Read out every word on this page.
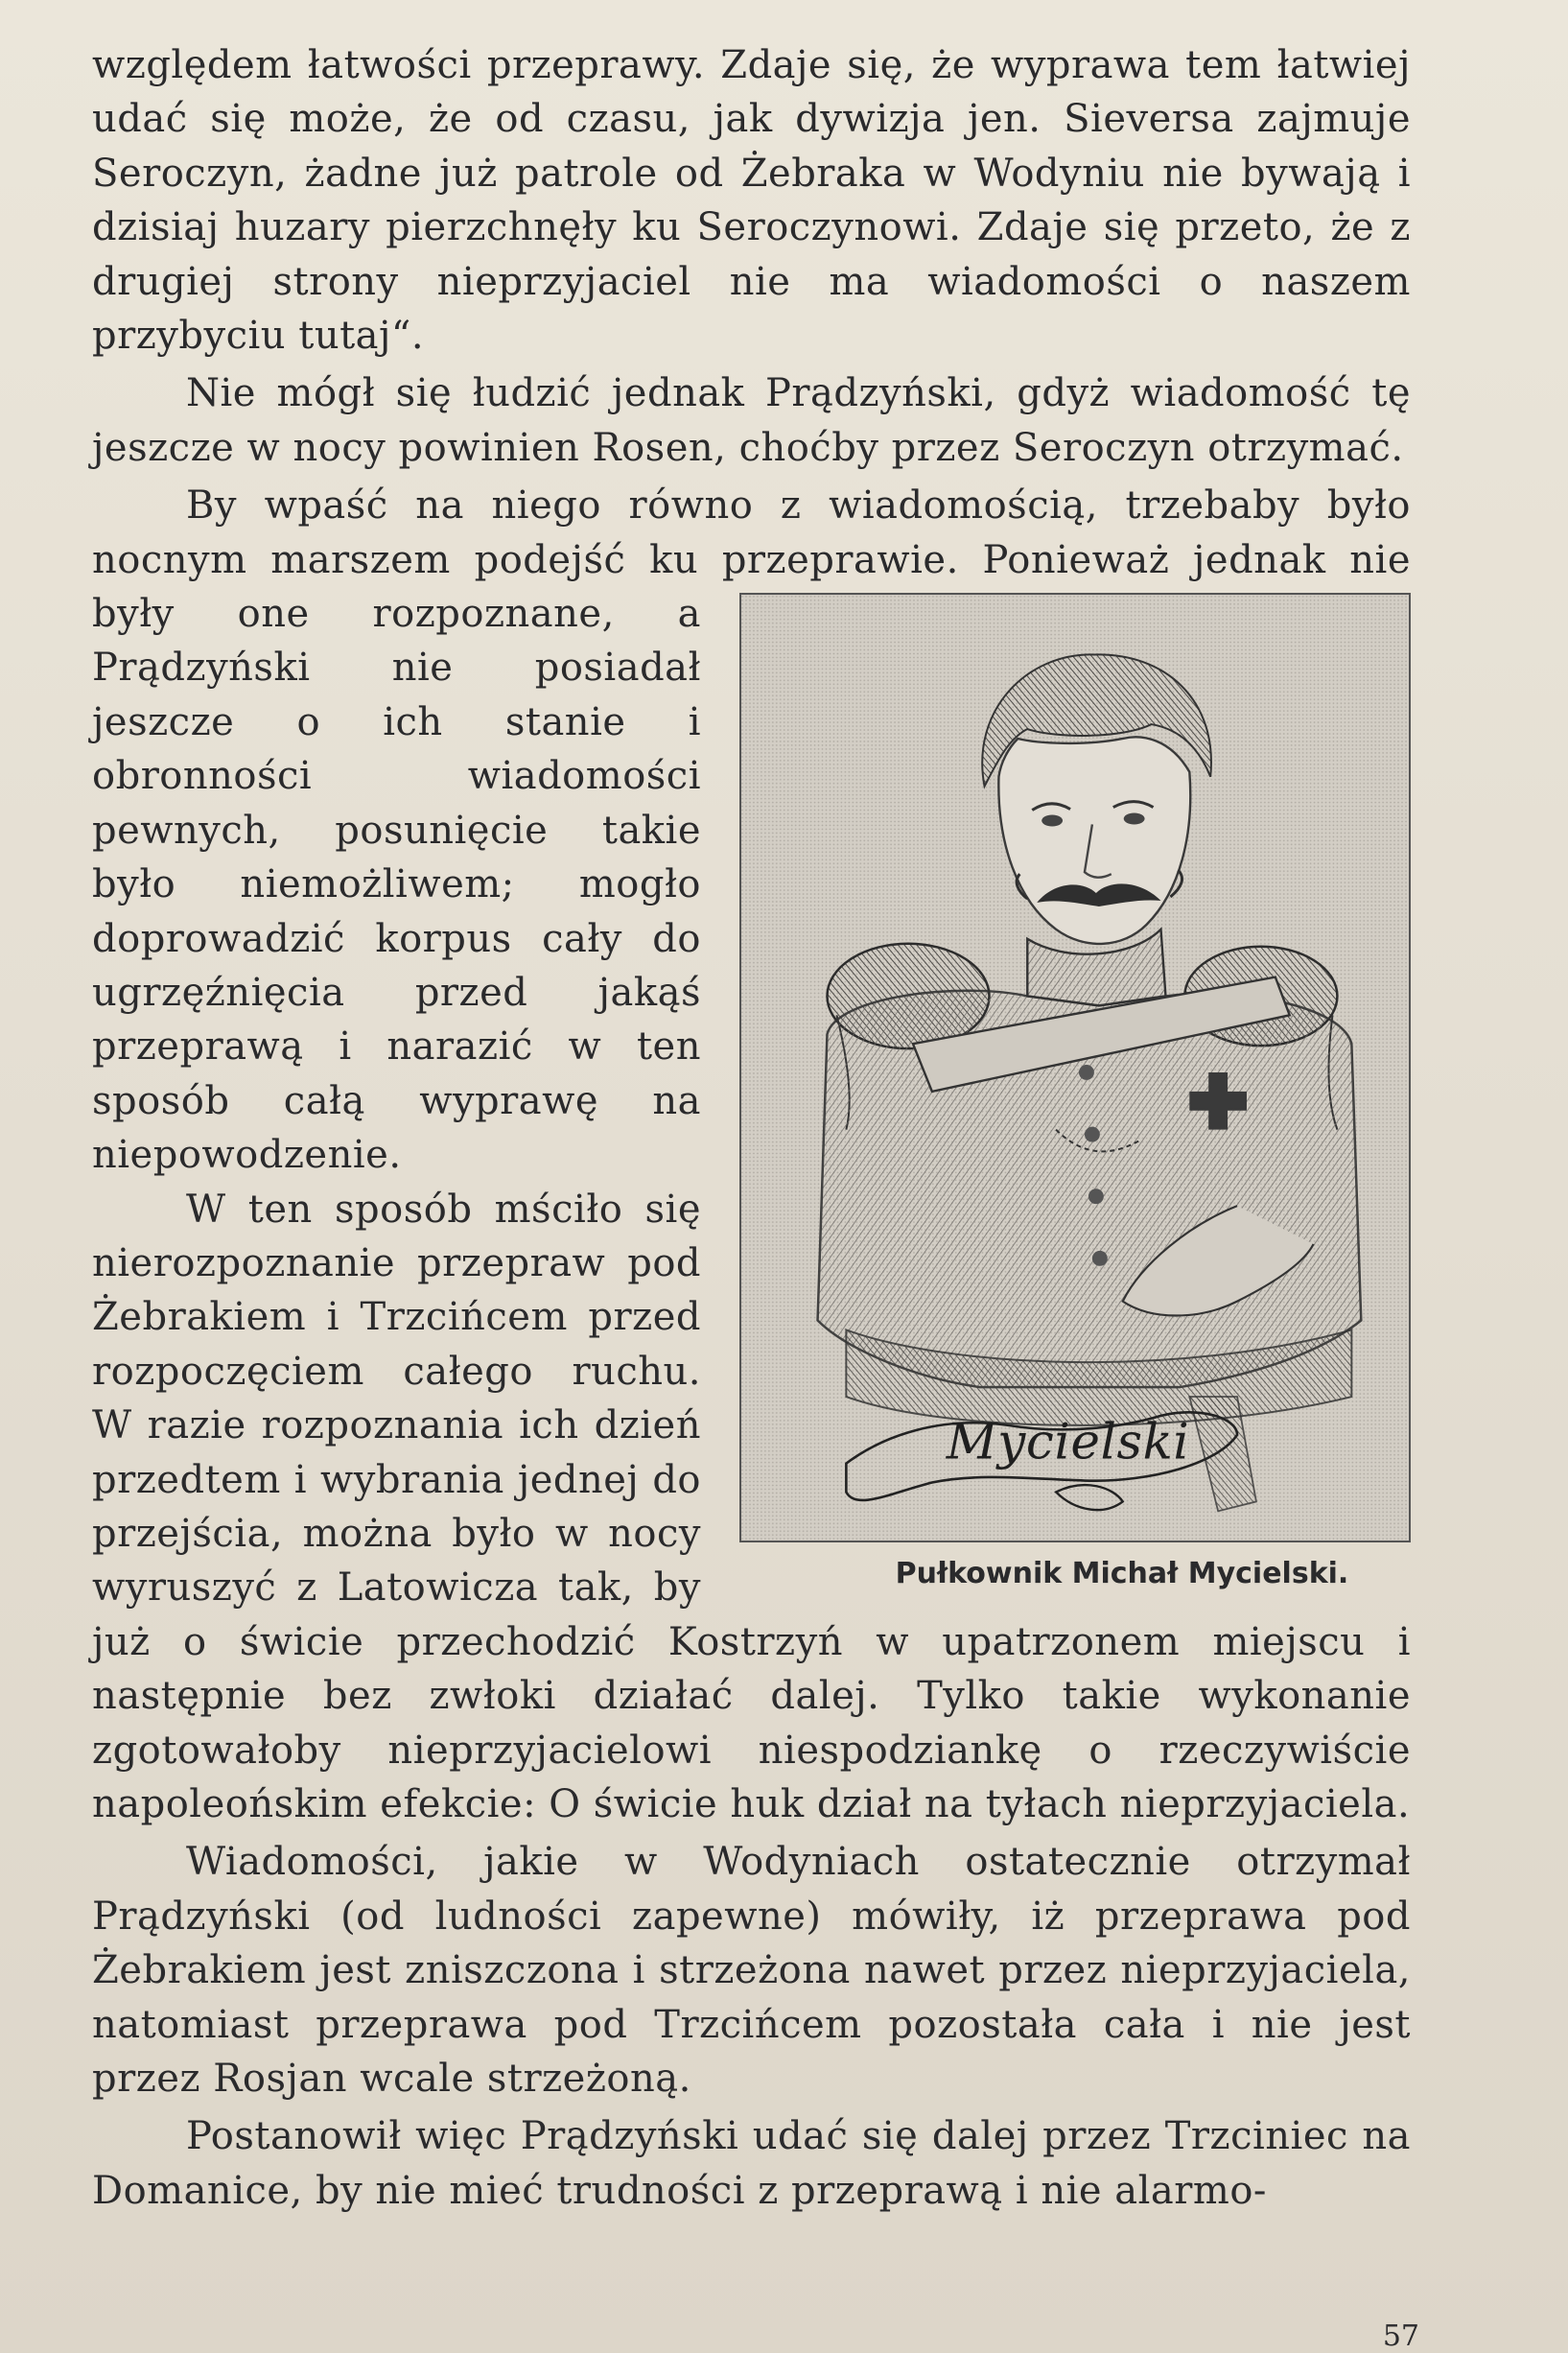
względem łatwości przeprawy. Zdaje się, że wyprawa tem łatwiej udać się może, że od czasu, jak dywizja jen. Sieversa zajmuje Seroczyn, żadne już patrole od Żebraka w Wodyniu nie bywają i dzisiaj huzary pierzchnęły ku Seroczynowi. Zdaje się przeto, że z drugiej strony nieprzyjaciel nie ma wiadomości o naszem przybyciu tutaj“.

Nie mógł się łudzić jednak Prądzyński, gdyż wiadomość tę jeszcze w nocy powinien Rosen, choćby przez Seroczyn otrzymać.

By wpaść na niego równo z wiadomością, trzebaby było nocnym marszem podejść ku przeprawie. Ponieważ jednak
Mycielski
Pułkownik Michał Mycielski.
nie były one rozpoznane, a Prądzyński nie posiadał jeszcze o ich stanie i obronności wiadomości pewnych, posunięcie takie było niemożliwem; mogło doprowadzić korpus cały do ugrzęźnięcia przed jakąś przeprawą i narazić w ten sposób całą wyprawę na niepowodzenie.

W ten sposób mściło się nierozpoznanie przepraw pod Żebrakiem i Trzcińcem przed rozpoczęciem całego ruchu. W razie rozpoznania ich dzień przedtem i wybrania jednej do przejścia, można było w nocy wyruszyć z Latowicza tak, by już o świcie przechodzić Kostrzyń w upatrzonem miejscu i następnie bez zwłoki działać dalej. Tylko takie wykonanie zgotowałoby nieprzyjacielowi niespodziankę o rzeczywiście napoleońskim efekcie: O świcie huk dział na tyłach nieprzyjaciela.

Wiadomości, jakie w Wodyniach ostatecznie otrzymał Prądzyński (od ludności zapewne) mówiły, iż przeprawa pod Żebrakiem jest zniszczona i strzeżona nawet przez nieprzyjaciela, natomiast przeprawa pod Trzcińcem pozostała cała i nie jest przez Rosjan wcale strzeżoną.

Postanowił więc Prądzyński udać się dalej przez Trzciniec na Domanice, by nie mieć trudności z przeprawą i nie alarmo-

57
